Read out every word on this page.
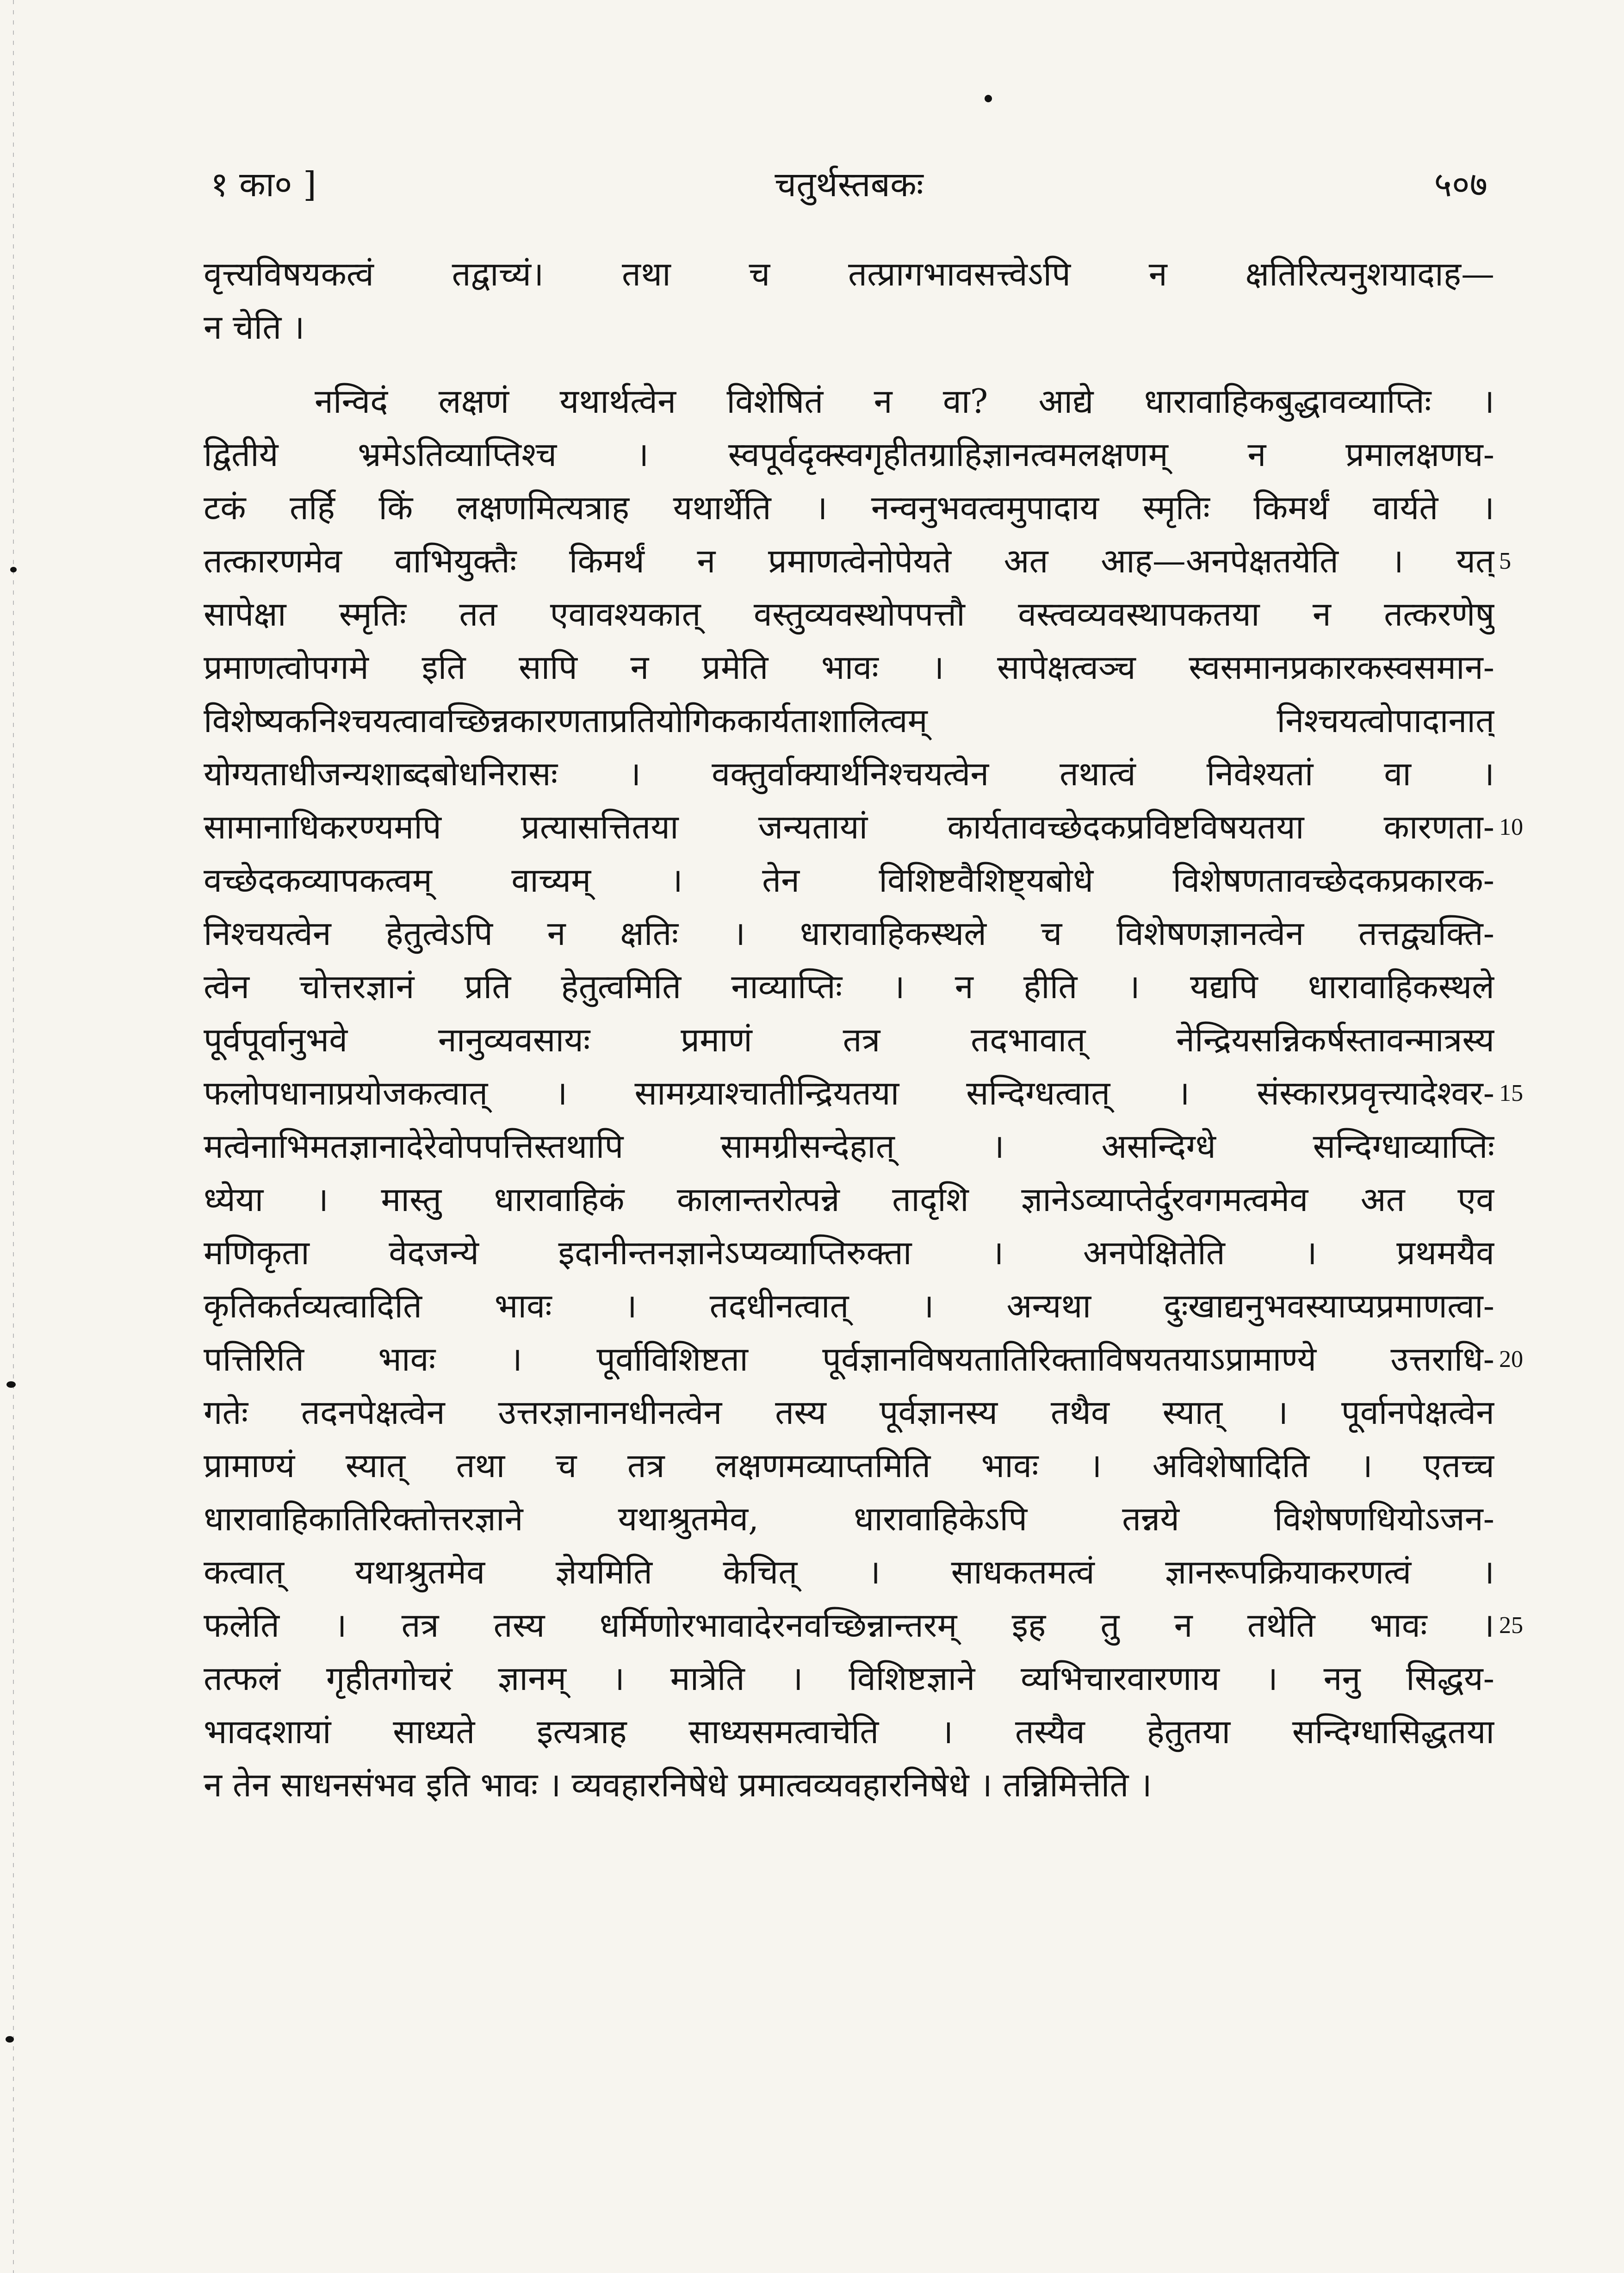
१ का० ]	चतुर्थस्तबकः	५०७
वृत्त्यविषयकत्वं तद्वाच्यं। तथा च तत्प्रागभावसत्त्वेऽपि न क्षतिरित्यनुशयादाह—
न चेति ।
नन्विदं लक्षणं यथार्थत्वेन विशेषितं न वा? आद्ये धारावाहिकबुद्धावव्याप्तिः ।
द्वितीये भ्रमेऽतिव्याप्तिश्च । स्वपूर्वदृक्स्वगृहीतग्राहिज्ञानत्वमलक्षणम् न प्रमालक्षणघ-
टकं तर्हि किं लक्षणमित्यत्राह यथार्थेति । नन्वनुभवत्वमुपादाय स्मृतिः किमर्थं वार्यते ।
तत्कारणमेव वाभियुक्तैः किमर्थं न प्रमाणत्वेनोपेयते अत आह—अनपेक्षतयेति । यत्
सापेक्षा स्मृतिः तत एवावश्यकात् वस्तुव्यवस्थोपपत्तौ वस्त्वव्यवस्थापकतया न तत्करणेषु
प्रमाणत्वोपगमे इति सापि न प्रमेति भावः । सापेक्षत्वञ्च स्वसमानप्रकारकस्वसमान-
विशेष्यकनिश्चयत्वावच्छिन्नकारणताप्रतियोगिककार्यताशालित्वम् निश्चयत्वोपादानात्
योग्यताधीजन्यशाब्दबोधनिरासः । वक्तुर्वाक्यार्थनिश्चयत्वेन तथात्वं निवेश्यतां वा ।
सामानाधिकरण्यमपि प्रत्यासत्तितया जन्यतायां कार्यतावच्छेदकप्रविष्टविषयतया कारणता-
वच्छेदकव्यापकत्वम् वाच्यम् । तेन विशिष्टवैशिष्ट्यबोधे विशेषणतावच्छेदकप्रकारक-
निश्चयत्वेन हेतुत्वेऽपि न क्षतिः । धारावाहिकस्थले च विशेषणज्ञानत्वेन तत्तद्व्यक्ति-
त्वेन चोत्तरज्ञानं प्रति हेतुत्वमिति नाव्याप्तिः । न हीति । यद्यपि धारावाहिकस्थले
पूर्वपूर्वानुभवे नानुव्यवसायः प्रमाणं तत्र तदभावात् नेन्द्रियसन्निकर्षस्तावन्मात्रस्य
फलोपधानाप्रयोजकत्वात् । सामग्र्याश्चातीन्द्रियतया सन्दिग्धत्वात् । संस्कारप्रवृत्त्यादेश्वर-
मत्वेनाभिमतज्ञानादेरेवोपपत्तिस्तथापि सामग्रीसन्देहात् । असन्दिग्धे सन्दिग्धाव्याप्तिः
ध्येया । मास्तु धारावाहिकं कालान्तरोत्पन्ने तादृशि ज्ञानेऽव्याप्तेर्दुरवगमत्वमेव अत एव
मणिकृता वेदजन्ये इदानीन्तनज्ञानेऽप्यव्याप्तिरुक्ता । अनपेक्षितेति । प्रथमयैव
कृतिकर्तव्यत्वादिति भावः । तदधीनत्वात् । अन्यथा दुःखाद्यनुभवस्याप्यप्रमाणत्वा-
पत्तिरिति भावः । पूर्वाविशिष्टता पूर्वज्ञानविषयतातिरिक्ताविषयतयाऽप्रामाण्ये उत्तराधि-
गतेः तदनपेक्षत्वेन उत्तरज्ञानानधीनत्वेन तस्य पूर्वज्ञानस्य तथैव स्यात् । पूर्वानपेक्षत्वेन
प्रामाण्यं स्यात् तथा च तत्र लक्षणमव्याप्तमिति भावः । अविशेषादिति । एतच्च
धारावाहिकातिरिक्तोत्तरज्ञाने यथाश्रुतमेव, धारावाहिकेऽपि तन्नये विशेषणधियोऽजन-
कत्वात् यथाश्रुतमेव ज्ञेयमिति केचित् । साधकतमत्वं ज्ञानरूपक्रियाकरणत्वं ।
फलेति । तत्र तस्य धर्मिणोरभावादेरनवच्छिन्नान्तरम् इह तु न तथेति भावः ।
तत्फलं गृहीतगोचरं ज्ञानम् । मात्रेति । विशिष्टज्ञाने व्यभिचारवारणाय । ननु सिद्धय-
भावदशायां साध्यते इत्यत्राह साध्यसमत्वाचेति । तस्यैव हेतुतया सन्दिग्धासिद्धतया
न तेन साधनसंभव इति भावः । व्यवहारनिषेधे प्रमात्वव्यवहारनिषेधे । तन्निमित्तेति ।
5
10
15
20
25
